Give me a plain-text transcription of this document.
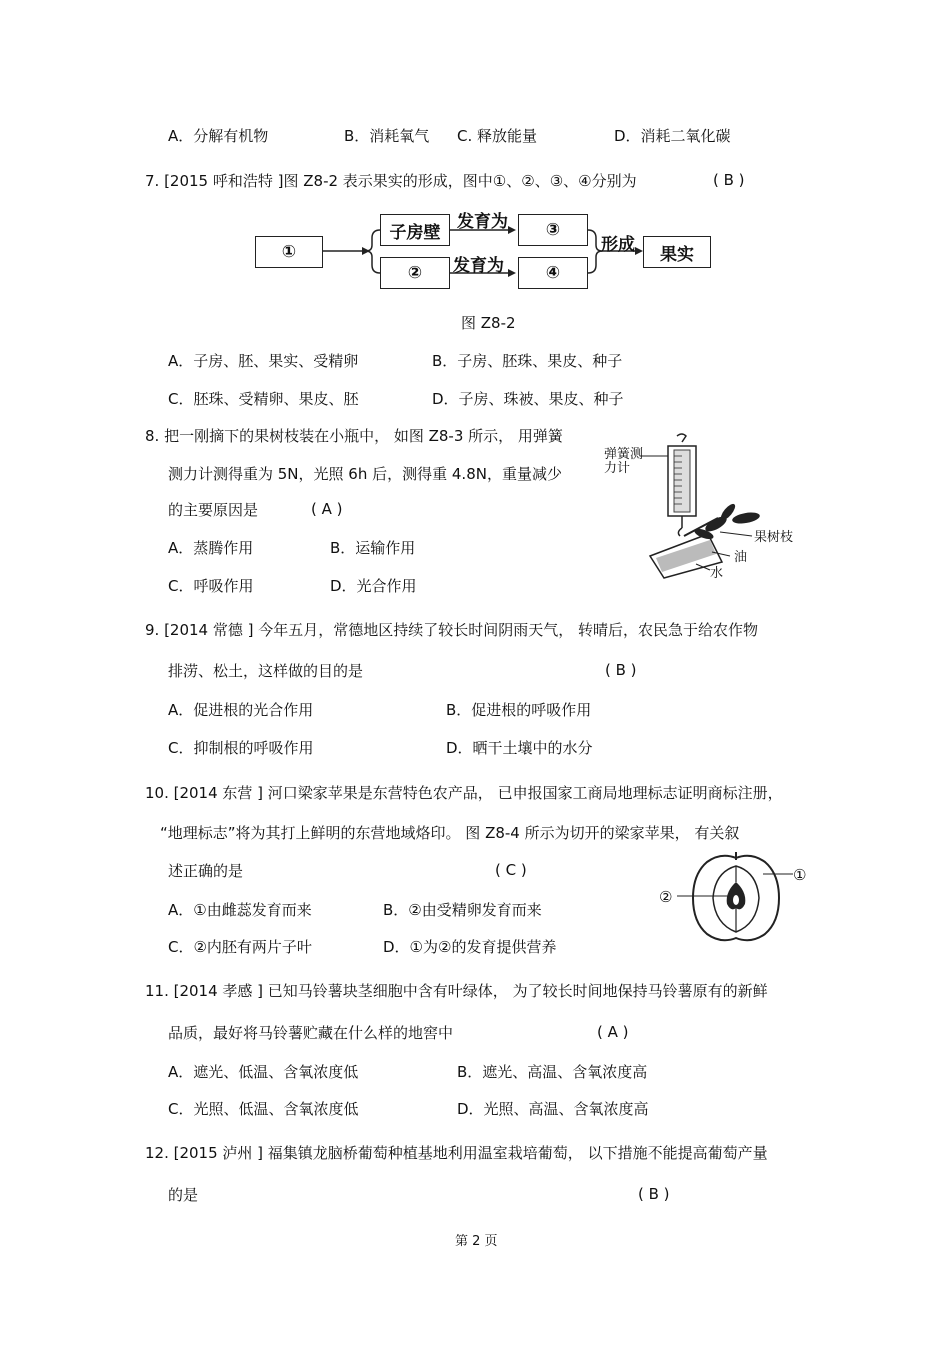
A．分解有机物	B．消耗氧气 C. 释放能量	D．消耗二氧化碳
7. [2015 呼和浩特 ]图 Z8-2 表示果实的形成，图中①、②、③、④分别为	( B )
①
子房壁
②
③
④
果实
发育为
发育为
形成
图 Z8-2
A．子房、胚、果实、受精卵	B．子房、胚珠、果皮、种子
C．胚珠、受精卵、果皮、胚	D．子房、珠被、果皮、种子
8. 把一刚摘下的果树枝装在小瓶中， 如图 Z8-3 所示， 用弹簧
测力计测得重为 5N，光照 6h 后，测得重 4.8N，重量减少
的主要原因是	( A )
弹簧测力计
果树枝
油
水
A．蒸腾作用	B．运输作用
C．呼吸作用	D．光合作用
9. [2014 常德 ] 今年五月，常德地区持续了较长时间阴雨天气， 转晴后，农民急于给农作物
排涝、松土，这样做的目的是	( B )
A．促进根的光合作用	B．促进根的呼吸作用
C．抑制根的呼吸作用	D．晒干土壤中的水分
10. [2014 东营 ] 河口梁家苹果是东营特色农产品， 已申报国家工商局地理标志证明商标注册，
“地理标志”将为其打上鲜明的东营地域烙印。 图 Z8-4 所示为切开的梁家苹果， 有关叙
述正确的是	( C )	①
②
A．①由雌蕊发育而来	B．②由受精卵发育而来
C．②内胚有两片子叶	D．①为②的发育提供营养
11. [2014 孝感 ] 已知马铃薯块茎细胞中含有叶绿体， 为了较长时间地保持马铃薯原有的新鲜
品质，最好将马铃薯贮藏在什么样的地窖中	( A )
A．遮光、低温、含氧浓度低	B．遮光、高温、含氧浓度高
C．光照、低温、含氧浓度低	D．光照、高温、含氧浓度高
12. [2015 泸州 ] 福集镇龙脑桥葡萄种植基地利用温室栽培葡萄， 以下措施不能提高葡萄产量
的是	( B )
第 2 页
